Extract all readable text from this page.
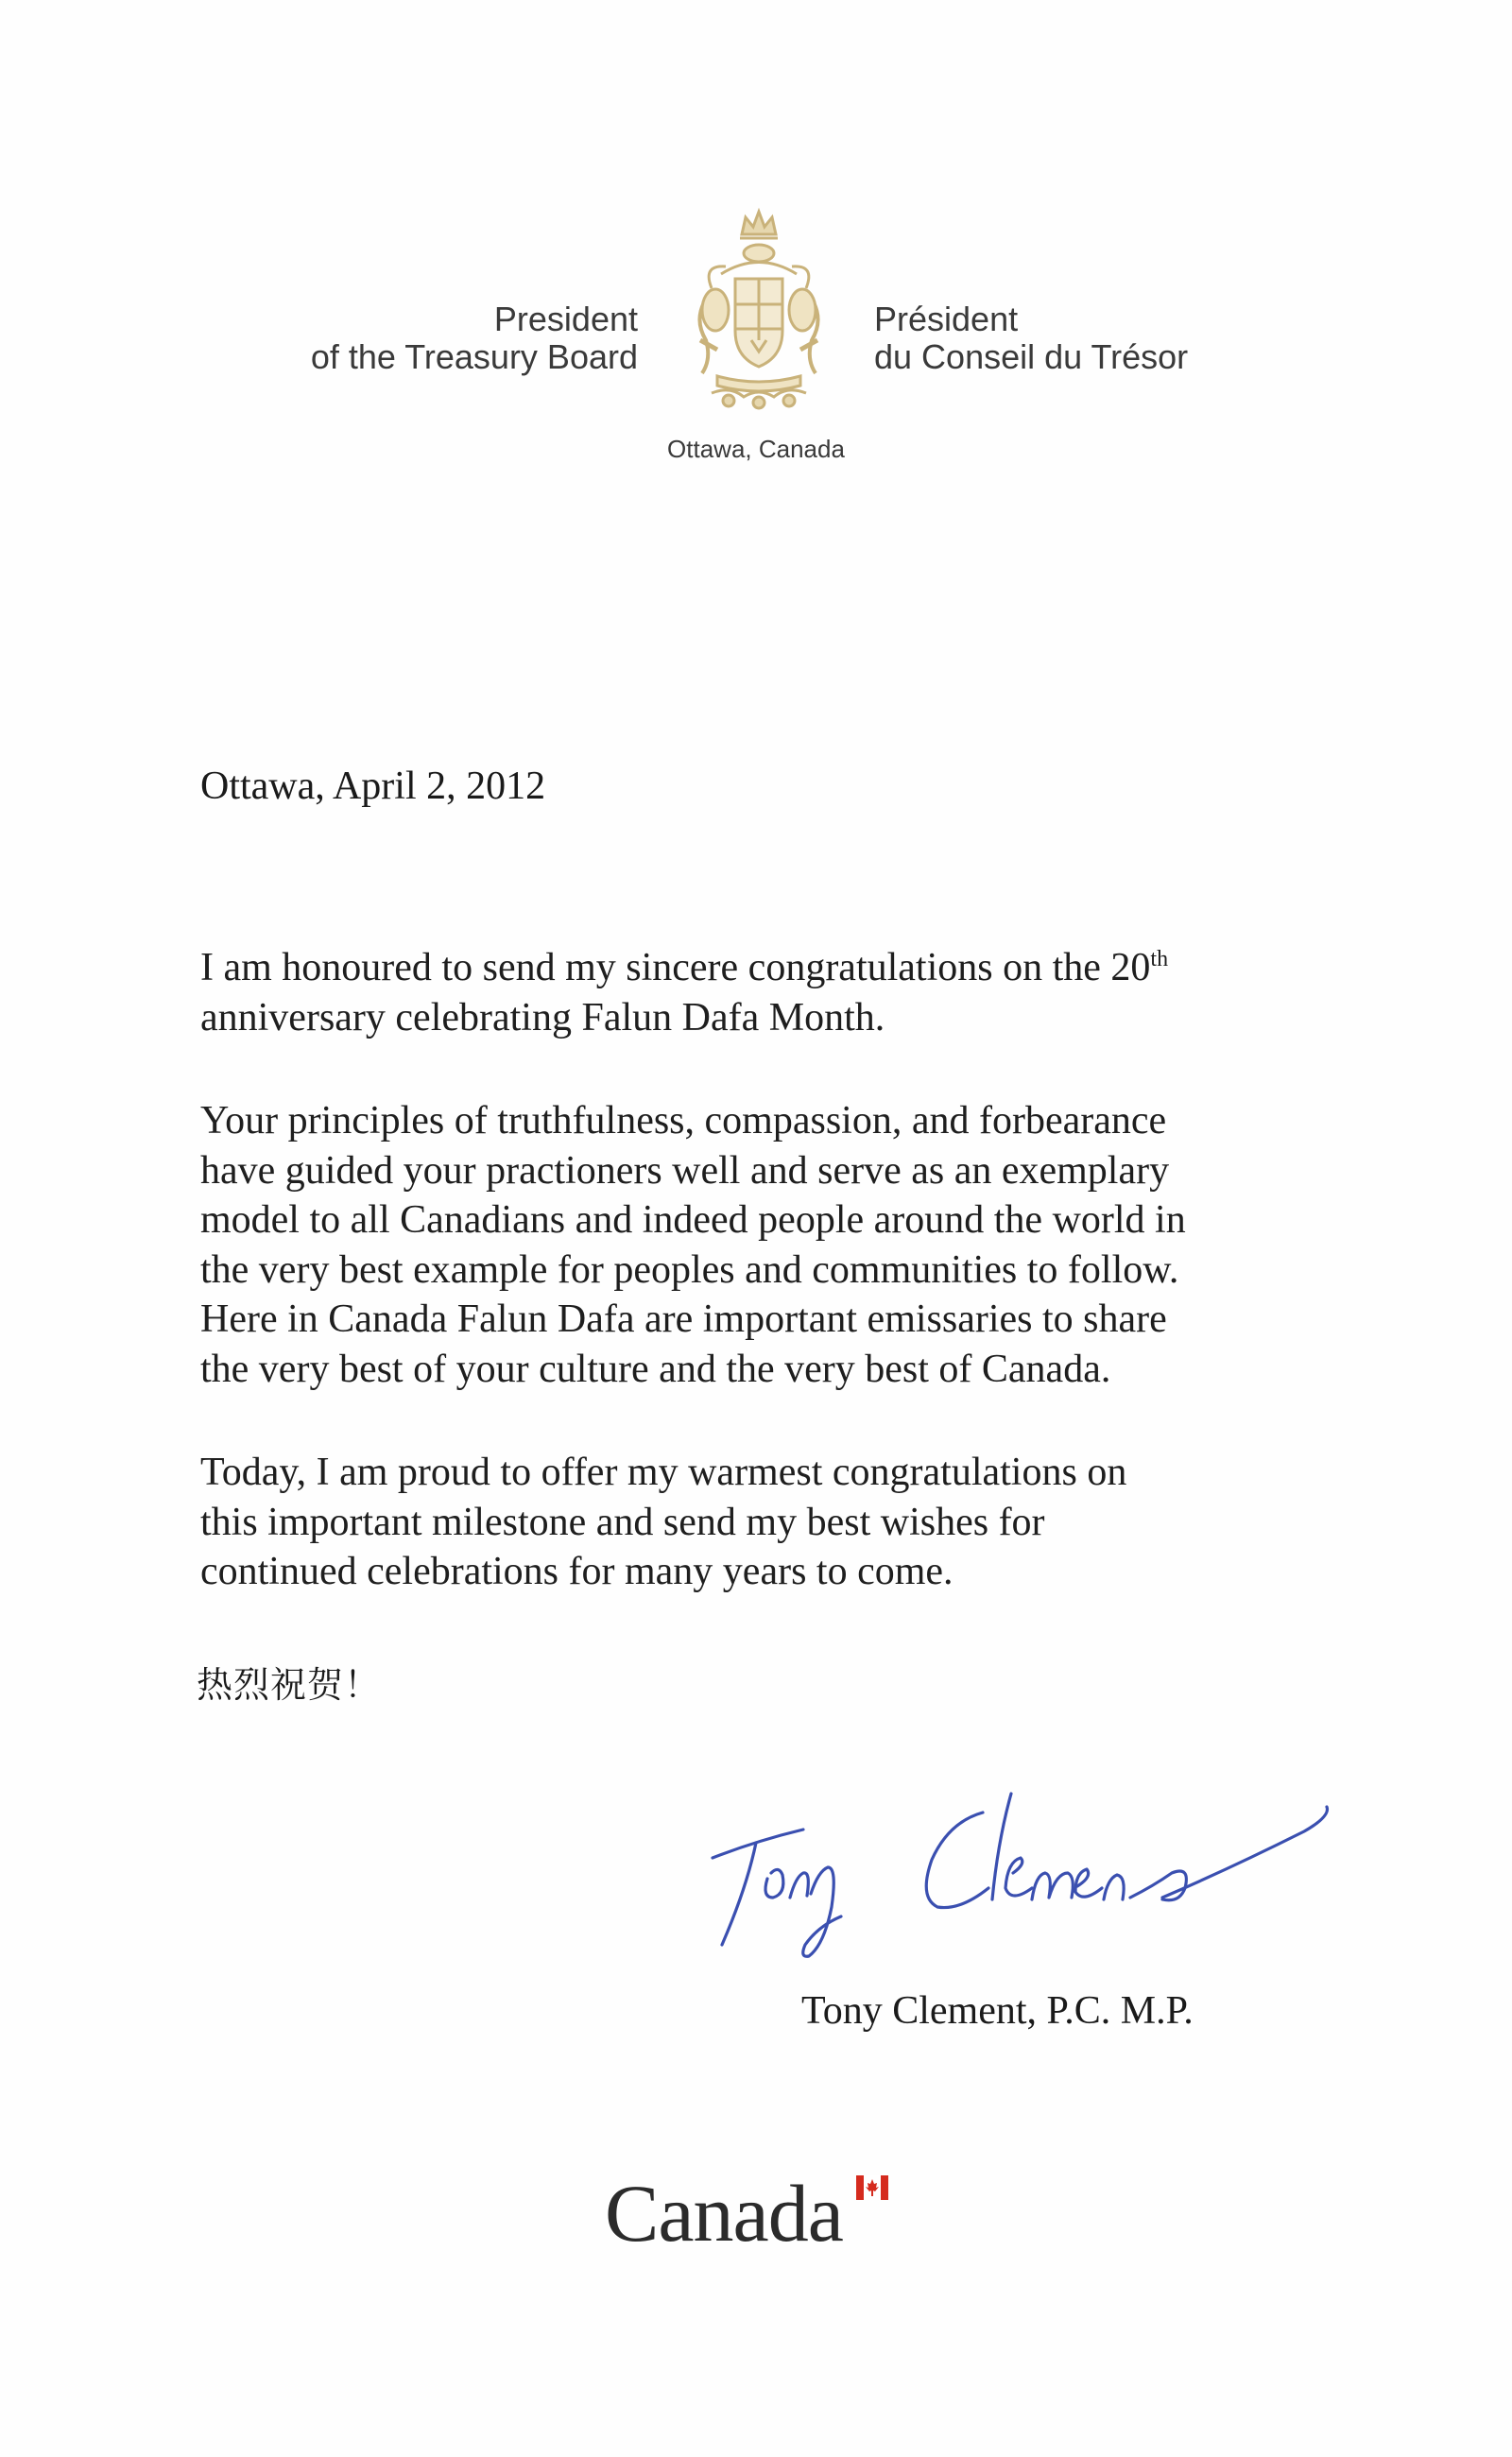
President
of the Treasury Board
Président
du Conseil du Trésor
Ottawa, Canada
Ottawa, April 2, 2012
I am honoured to send my sincere congratulations on the 20th
anniversary celebrating Falun Dafa Month.
Your principles of truthfulness, compassion, and forbearance
have guided your practioners well and serve as an exemplary
model to all Canadians and indeed people around the world in
the very best example for peoples and communities to follow.
Here in Canada Falun Dafa are important emissaries to share
the very best of your culture and the very best of Canada.
Today, I am proud to offer my warmest congratulations on
this important milestone and send my best wishes for
continued celebrations for many years to come.
热烈祝贺！
Tony Clement, P.C. M.P.
Canada
